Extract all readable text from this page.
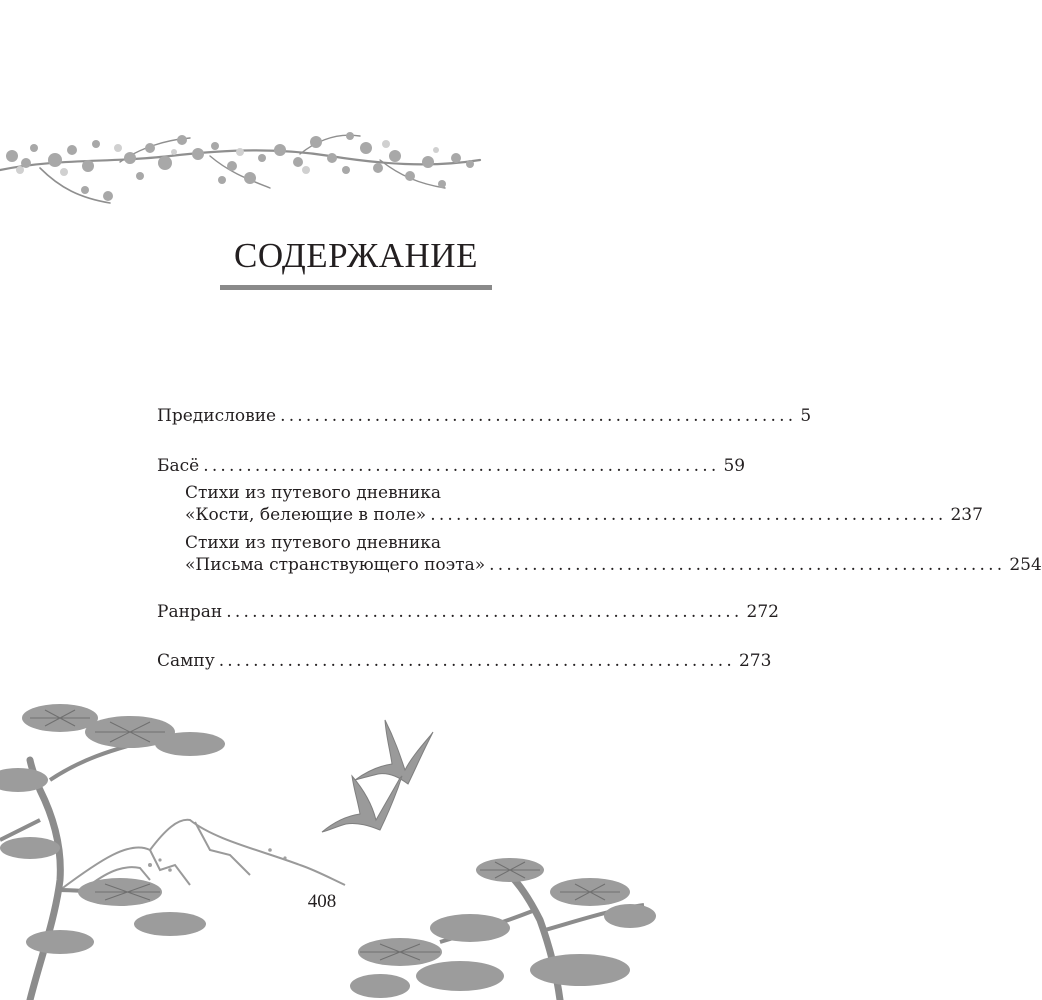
СОДЕРЖАНИЕ
Предисловие ............................................................ 5
Басё ............................................................ 59
Стихи из путевого дневника
«Кости, белеющие в поле» ............................................................ 237
Стихи из путевого дневника
«Письма странствующего поэта» ............................................................ 254
Ранран ............................................................ 272
Сампу ............................................................ 273
408
